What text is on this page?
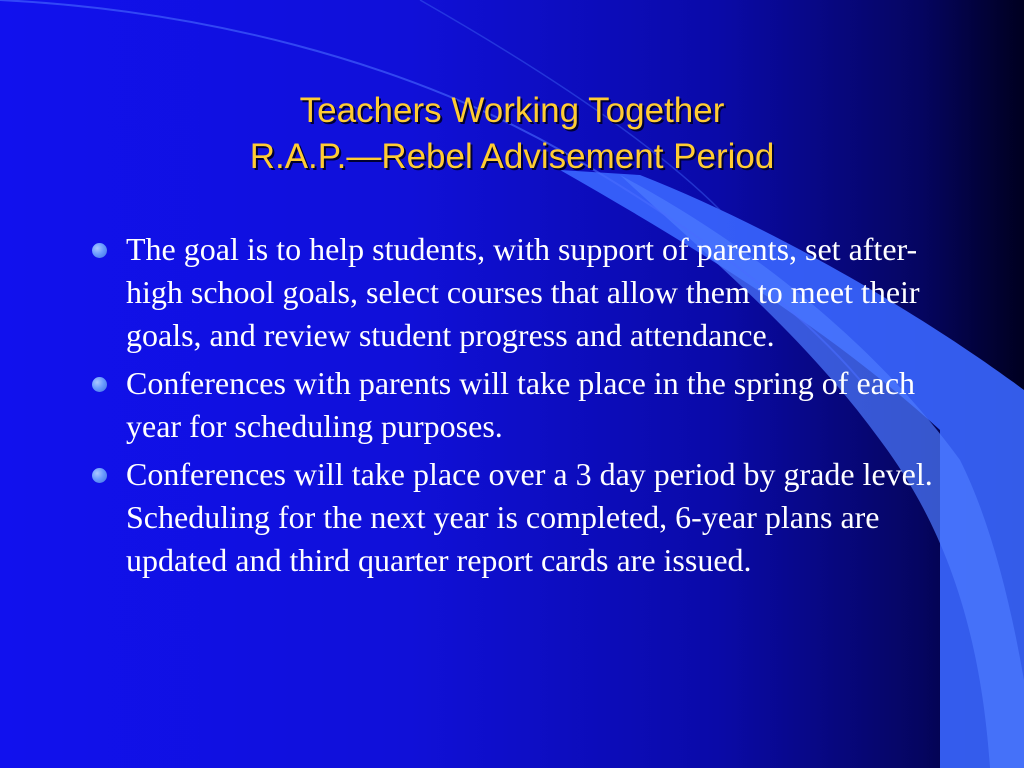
Teachers Working Together
R.A.P.—Rebel Advisement Period
The goal is to help students, with support of parents, set after-high school goals, select courses that allow them to meet their goals, and review student progress and attendance.
Conferences with parents will take place in the spring of each year for scheduling purposes.
Conferences will take place over a 3 day period by grade level. Scheduling for the next year is completed, 6-year plans are updated and third quarter report cards are issued.
